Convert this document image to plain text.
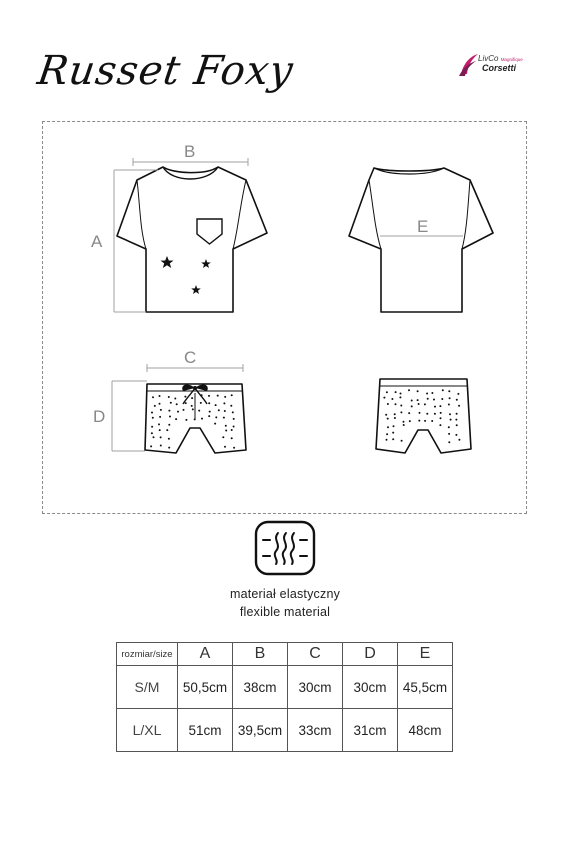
Russet Foxy	LivCo Magnifique
Corsetti
B
A
E
C
D
materiał elastyczny
flexible material
rozmiar/size	A	B	C	D	E
S/M	50,5cm	38cm	30cm	30cm	45,5cm
L/XL	51cm	39,5cm	33cm	31cm	48cm
